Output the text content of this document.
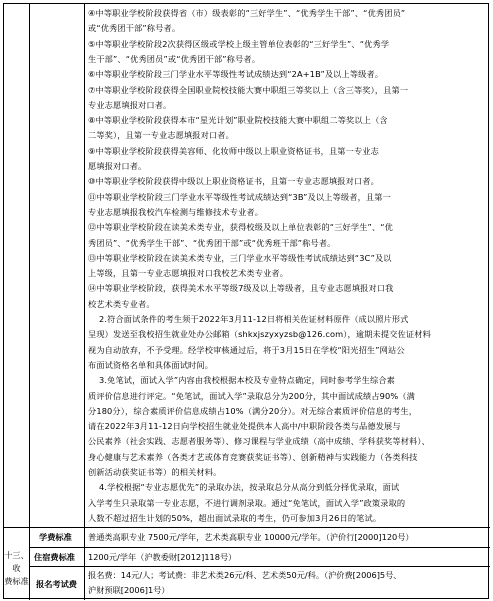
④中等职业学校阶段获得省（市）级表彰的“三好学生”、“优秀学生干部”、“优秀团员”
或“优秀团干部”称号者。
⑤中等职业学校阶段2次获得区级或学校上级主管单位表彰的“三好学生”、“优秀学
生干部”、“优秀团员”或“优秀团干部”称号者。
⑥中等职业学校阶段三门学业水平等级性考试成绩达到“2A+1B”及以上等级者。
⑦中等职业学校阶段获得全国职业院校技能大赛中职组三等奖以上（含三等奖），且第一
专业志愿填报对口者。
⑧中等职业学校阶段获得本市“星光计划”职业院校技能大赛中职组二等奖以上（含
二等奖），且第一专业志愿填报对口者。
⑨中等职业学校阶段获得美容师、化妆师中级以上职业资格证书，且第一专业志
愿填报对口者。
⑩中等职业学校阶段获得中级以上职业资格证书，且第一专业志愿填报对口者。
⑪中等职业学校阶段三门学业水平等级性考试成绩达到“3B”及以上等级者，且第一
专业志愿填报我校汽车检测与维修技术专业者。
⑫中等职业学校阶段在读美术类专业，获得校级及以上单位表彰的“三好学生”、“优
秀团员”、“优秀学生干部”、“优秀团干部”或“优秀班干部”称号者。
⑬中等职业学校阶段在读美术类专业，三门学业水平等级性考试成绩达到“3C”及以
上等级，且第一专业志愿填报对口我校艺术类专业者。
⑭中等职业学校阶段，获得美术水平等级7级及以上等级者，且专业志愿填报对口我
校艺术类专业者。
2.符合面试条件的考生须于2022年3月11-12日将相关佐证材料原件（成以照片形式
呈现）发送至我校招生就业处办公邮箱（shkxjszyxyzsb@126.com），逾期未提交佐证材料
视为自动放弃，不予受理。经学校审核通过后，将于3月15日在学校“阳光招生”网站公
布面试资格名单和具体面试时间。
3.免笔试，面试入学”内容由我校根据本校及专业特点确定，同时参考学生综合素
质评价信息进行评定。“免笔试，面试入学”录取总分为200分，其中面试成绩占90%（满
分180分），综合素质评价信息成绩占10%（满分20分）。对无综合素质评价信息的考生，
请在2022年3月11-12日向学校招生就业处提供本人高中/中职阶段各类与品德发展与
公民素养（社会实践、志愿者服务等）、修习课程与学业成绩（高中成绩、学科获奖等材料）、
身心健康与艺术素养（各类才艺或体育竞赛获奖证书等）、创新精神与实践能力（各类科技
创新活动获奖证书等）的相关材料。
4.学校根据“专业志愿优先”的录取办法，按录取总分从高分到低分择优录取，面试
入学考生只录取第一专业志愿，不进行调剂录取。通过“免笔试，面试入学”政策录取的
人数不超过招生计划的50%，超出面试录取的考生，仍可参加3月26日的笔试。
十三、收
费标准
学费标准
住宿费标准
报名考试费
普通类高职专业 7500元/学年，艺术类高职专业 10000元/学年。（沪价行[2000]120号）
1200元/学年（沪教委财[2012]118号）
报名费：14元/人；考试费：非艺术类26元/科、艺术类50元/科。（沪价费[2006]5号、
沪财预联[2006]1号）
